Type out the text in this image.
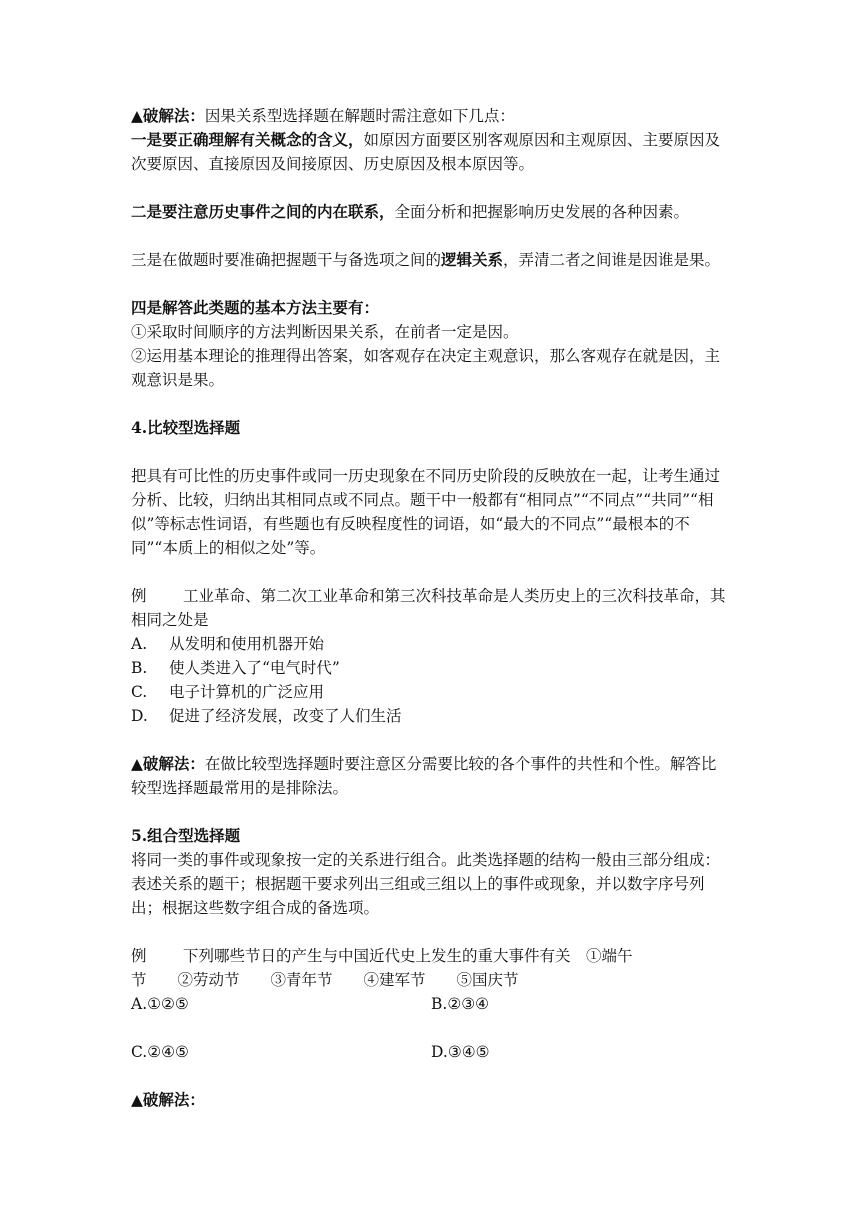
▲破解法：因果关系型选择题在解题时需注意如下几点：

一是要正确理解有关概念的含义，如原因方面要区别客观原因和主观原因、主要原因及次要原因、直接原因及间接原因、历史原因及根本原因等。

二是要注意历史事件之间的内在联系，全面分析和把握影响历史发展的各种因素。

三是在做题时要准确把握题干与备选项之间的逻辑关系，弄清二者之间谁是因谁是果。

四是解答此类题的基本方法主要有：

①采取时间顺序的方法判断因果关系，在前者一定是因。

②运用基本理论的推理得出答案，如客观存在决定主观意识，那么客观存在就是因，主观意识是果。

4.比较型选择题

把具有可比性的历史事件或同一历史现象在不同历史阶段的反映放在一起，让考生通过分析、比较，归纳出其相同点或不同点。题干中一般都有“相同点”“不同点”“共同”“相似”等标志性词语，有些题也有反映程度性的词语，如“最大的不同点”“最根本的不同”“本质上的相似之处”等。

例 工业革命、第二次工业革命和第三次科技革命是人类历史上的三次科技革命，其相同之处是

A.	从发明和使用机器开始
B.	使人类进入了“电气时代”
C.	电子计算机的广泛应用
D.	促进了经济发展，改变了人们生活

▲破解法：在做比较型选择题时要注意区分需要比较的各个事件的共性和个性。解答比较型选择题最常用的是排除法。

5.组合型选择题

将同一类的事件或现象按一定的关系进行组合。此类选择题的结构一般由三部分组成：表述关系的题干；根据题干要求列出三组或三组以上的事件或现象，并以数字序号列出；根据这些数字组合成的备选项。

例 下列哪些节日的产生与中国近代史上发生的重大事件有关　①端午

节　　②劳动节　　③青年节　　④建军节　　⑤国庆节

A.①②⑤	B.②③④
C.②④⑤	D.③④⑤

▲破解法：
